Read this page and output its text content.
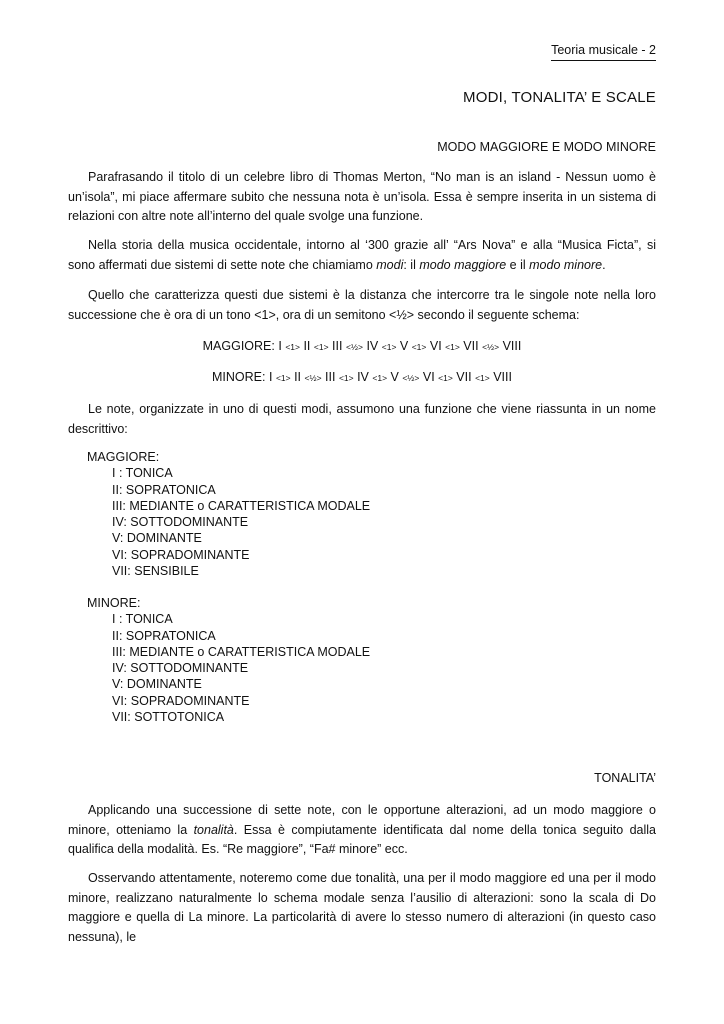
Teoria musicale - 2
MODI, TONALITA’ E SCALE
MODO MAGGIORE E MODO MINORE

Parafrasando il titolo di un celebre libro di Thomas Merton, “No man is an island - Nessun uomo è un’isola”, mi piace affermare subito che nessuna nota è un’isola. Essa è sempre inserita in un sistema di relazioni con altre note all’interno del quale svolge una funzione.

Nella storia della musica occidentale, intorno al ‘300 grazie all’ “Ars Nova” e alla “Musica Ficta”, si sono affermati due sistemi di sette note che chiamiamo modi: il modo maggiore e il modo minore.

Quello che caratterizza questi due sistemi è la distanza che intercorre tra le singole note nella loro successione che è ora di un tono <1>, ora di un semitono <½> secondo il seguente schema:

MAGGIORE: I <1> II <1> III <½> IV <1> V <1> VI <1> VII <½> VIII
MINORE: I <1> II <½> III <1> IV <1> V <½> VI <1> VII <1> VIII

Le note, organizzate in uno di questi modi, assumono una funzione che viene riassunta in un nome descrittivo:

MAGGIORE:
I : TONICA
II: SOPRATONICA
III: MEDIANTE o CARATTERISTICA MODALE
IV: SOTTODOMINANTE
V: DOMINANTE
VI: SOPRADOMINANTE
VII: SENSIBILE
MINORE:
I : TONICA
II: SOPRATONICA
III: MEDIANTE o CARATTERISTICA MODALE
IV: SOTTODOMINANTE
V: DOMINANTE
VI: SOPRADOMINANTE
VII: SOTTOTONICA
TONALITA’

Applicando una successione di sette note, con le opportune alterazioni, ad un modo maggiore o minore, otteniamo la tonalità. Essa è compiutamente identificata dal nome della tonica seguito dalla qualifica della modalità. Es. “Re maggiore”, “Fa# minore” ecc.

Osservando attentamente, noteremo come due tonalità, una per il modo maggiore ed una per il modo minore, realizzano naturalmente lo schema modale senza l’ausilio di alterazioni: sono la scala di Do maggiore e quella di La minore. La particolarità di avere lo stesso numero di alterazioni (in questo caso nessuna), le
